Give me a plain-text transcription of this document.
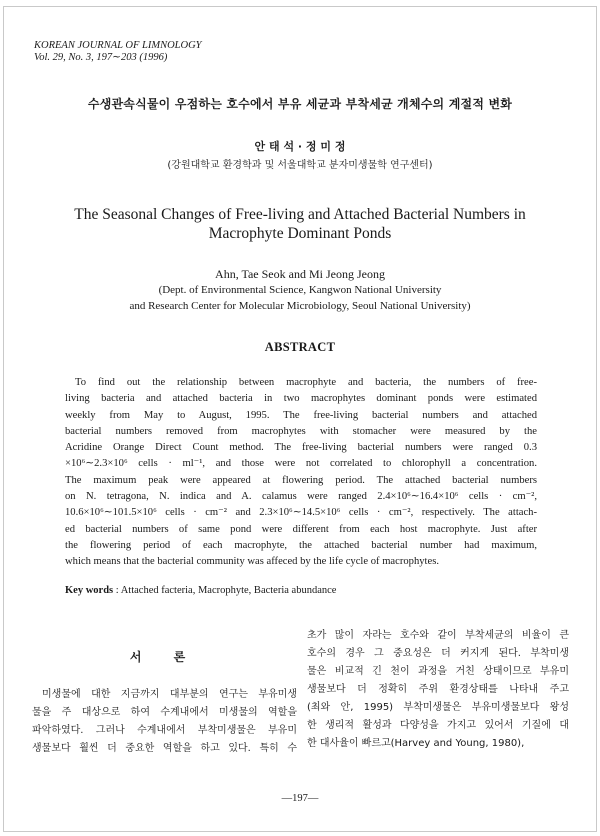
KOREAN JOURNAL OF LIMNOLOGY
Vol. 29, No. 3, 197∼203 (1996)
수생관속식물이 우점하는 호수에서 부유 세균과 부착세균 개체수의 계절적 변화
안 태 석 · 정 미 정
(강원대학교 환경학과 및 서울대학교 분자미생물학 연구센터)
The Seasonal Changes of Free-living and Attached Bacterial Numbers in
Macrophyte Dominant Ponds
Ahn, Tae Seok and Mi Jeong Jeong
(Dept. of Environmental Science, Kangwon National University
and Research Center for Molecular Microbiology, Seoul National University)
ABSTRACT
To find out the relationship between macrophyte and bacteria, the numbers of free-
living bacteria and attached bacteria in two macrophytes dominant ponds were estimated
weekly from May to August, 1995. The free-living bacterial numbers and attached
bacterial numbers removed from macrophytes with stomacher were measured by the
Acridine Orange Direct Count method. The free-living bacterial numbers were ranged 0.3
×10⁶∼2.3×10⁶ cells · ml⁻¹, and those were not correlated to chlorophyll a concentration.
The maximum peak were appeared at flowering period. The attached bacterial numbers
on N. tetragona, N. indica and A. calamus were ranged 2.4×10⁶∼16.4×10⁶ cells · cm⁻²,
10.6×10⁶∼101.5×10⁶ cells · cm⁻² and 2.3×10⁶∼14.5×10⁶ cells · cm⁻², respectively. The attach-
ed bacterial numbers of same pond were different from each host macrophyte. Just after
the flowering period of each macrophyte, the attached bacterial number had maximum,
which means that the bacterial community was affeced by the life cycle of macrophytes.
Key words : Attached facteria, Macrophyte, Bacteria abundance
서 론
미생물에 대한 지금까지 대부분의 연구는 부유미생
물을 주 대상으로 하여 수계내에서 미생물의 역할을
파악하였다. 그러나 수계내에서 부착미생물은 부유미
생물보다 훨씬 더 중요한 역할을 하고 있다. 특히 수
초가 많이 자라는 호수와 같이 부착세균의 비율이 큰
호수의 경우 그 중요성은 더 커지게 된다. 부착미생
물은 비교적 긴 천이 과정을 거친 상태이므로 부유미
생물보다 더 정확히 주위 환경상태를 나타내 주고
(최와 안, 1995) 부착미생물은 부유미생물보다 왕성
한 생리적 활성과 다양성을 가지고 있어서 기질에 대
한 대사율이 빠르고(Harvey and Young, 1980),
—197—
